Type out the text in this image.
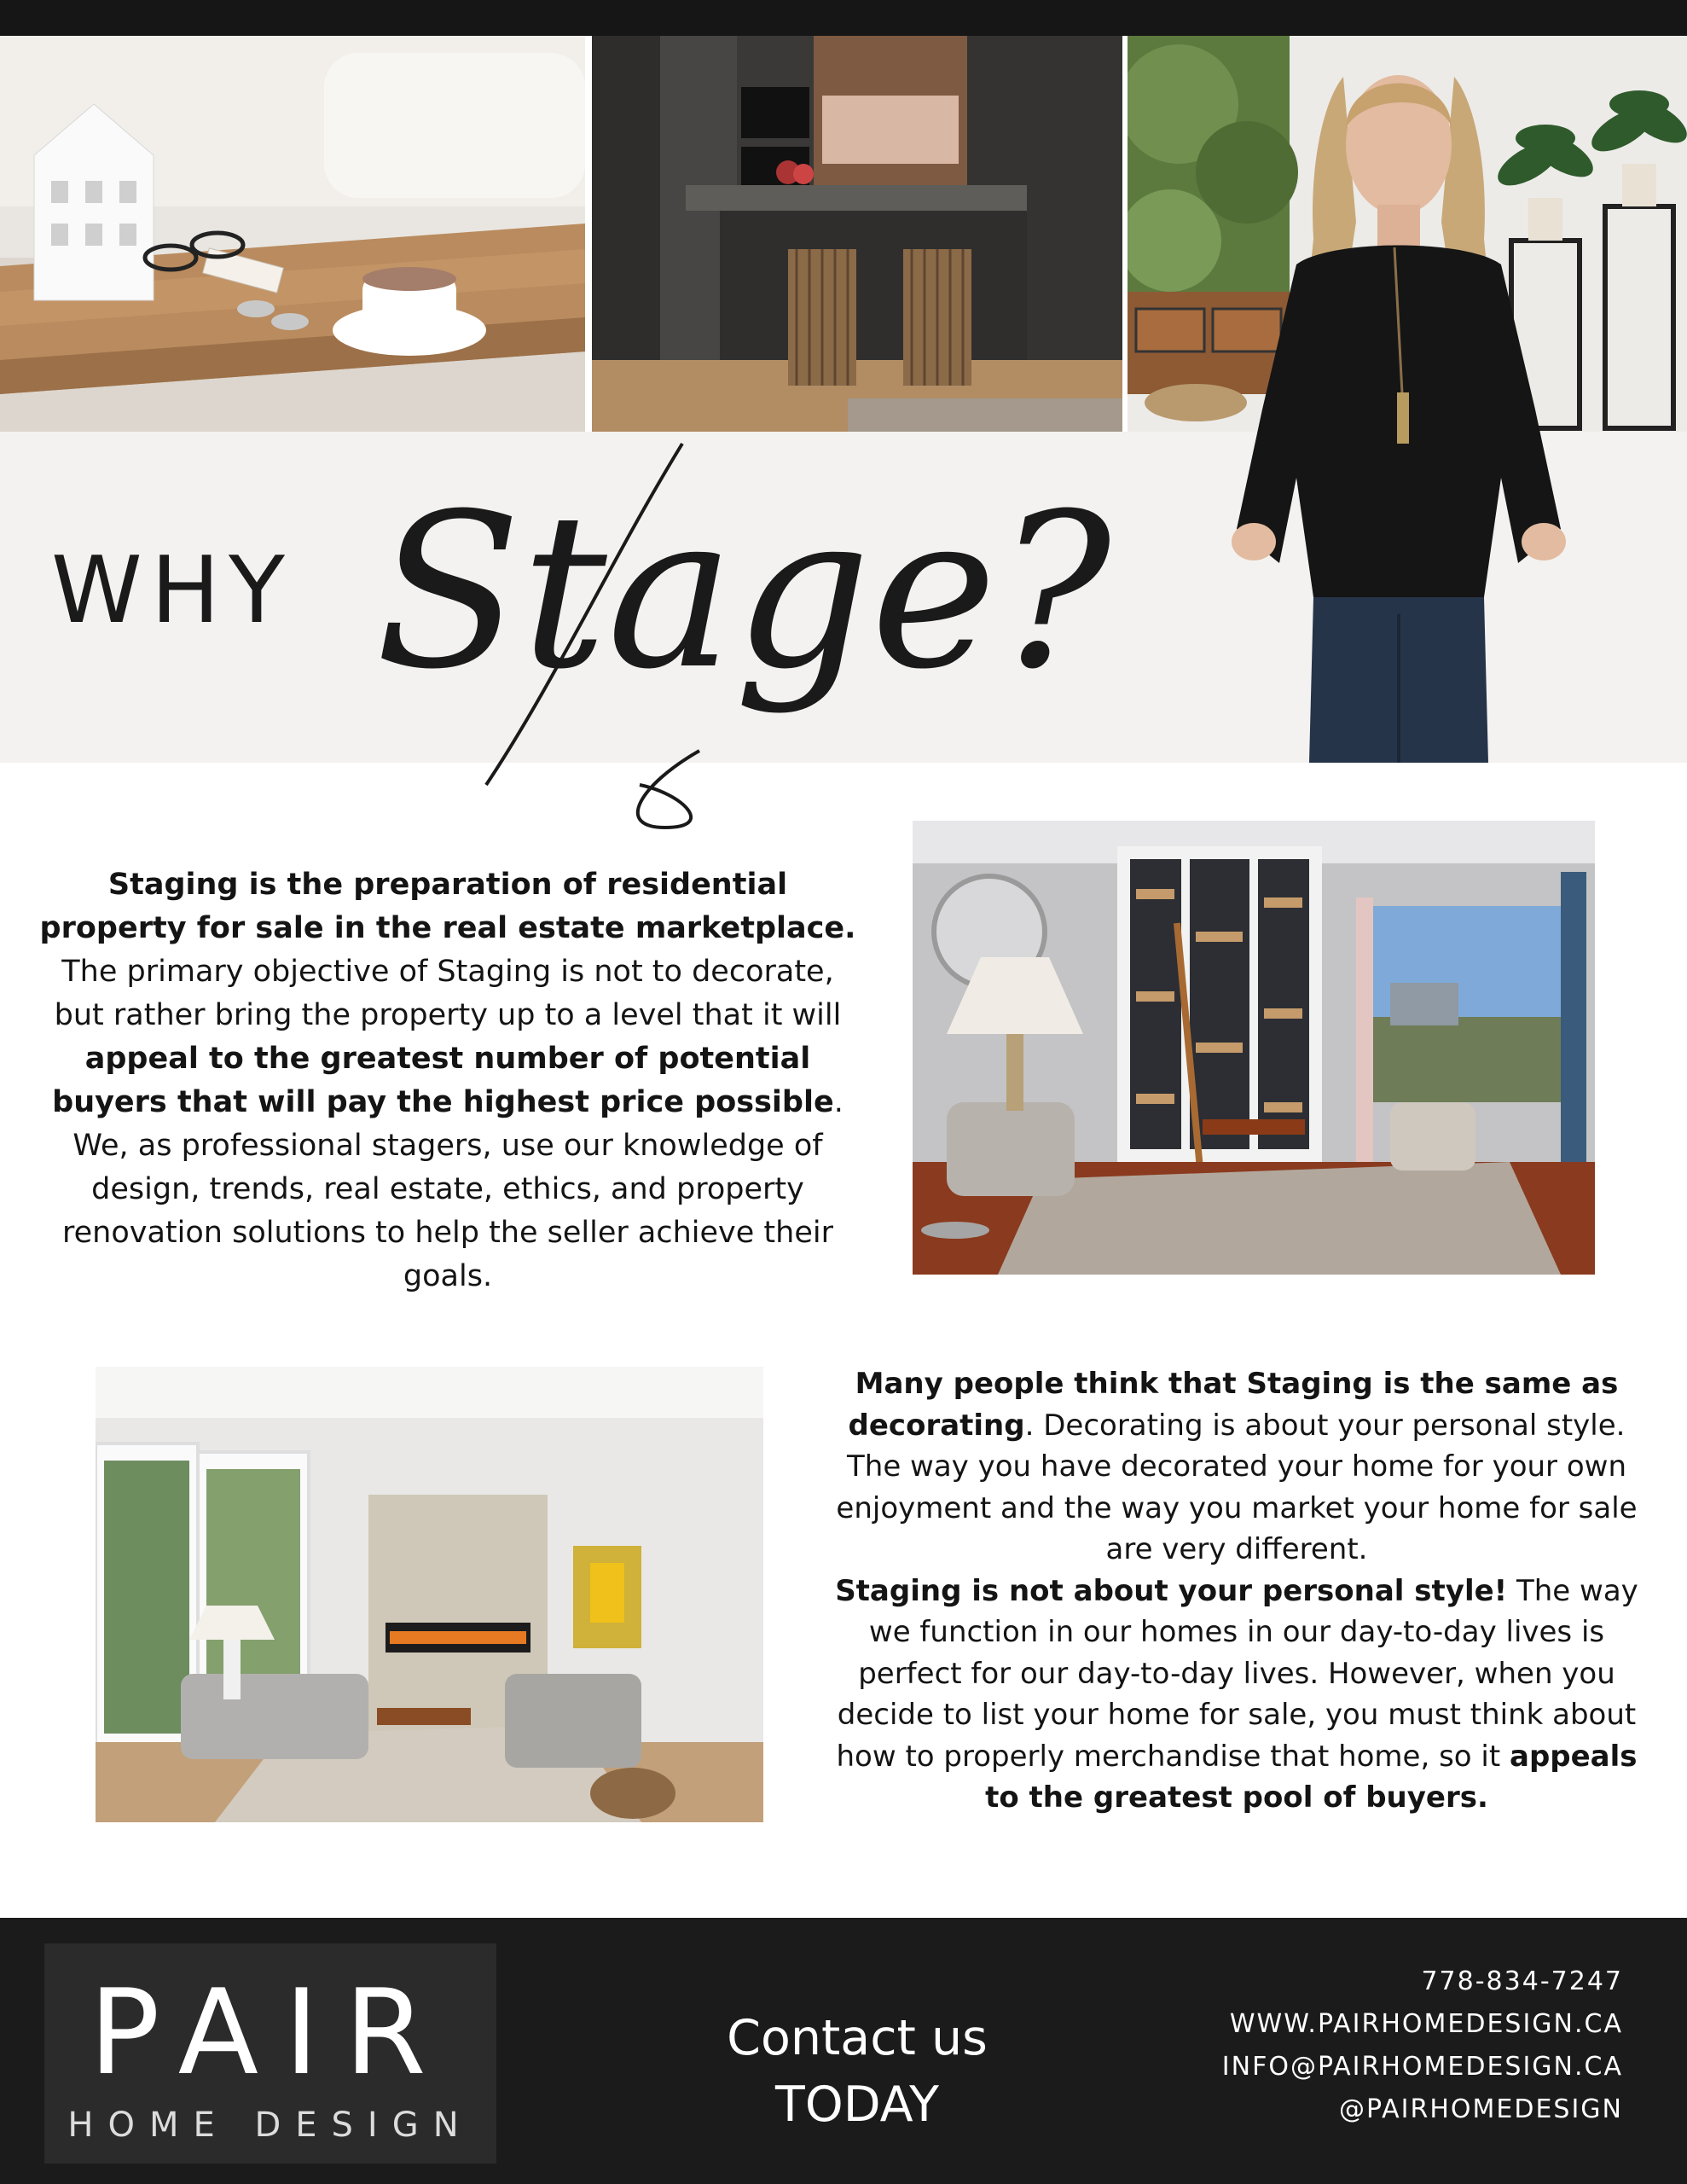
WHY Stage?
Staging is the preparation of residential property for sale in the real estate marketplace. The primary objective of Staging is not to decorate, but rather bring the property up to a level that it will appeal to the greatest number of potential buyers that will pay the highest price possible. We, as professional stagers, use our knowledge of design, trends, real estate, ethics, and property renovation solutions to help the seller achieve their goals.
Many people think that Staging is the same as decorating. Decorating is about your personal style. The way you have decorated your home for your own enjoyment and the way you market your home for sale are very different.
Staging is not about your personal style! The way we function in our homes in our day-to-day lives is perfect for our day-to-day lives. However, when you decide to list your home for sale, you must think about how to properly merchandise that home, so it appeals to the greatest pool of buyers.
PAIR
HOME DESIGN
Contact us
TODAY
778-834-7247
WWW.PAIRHOMEDESIGN.CA
INFO@PAIRHOMEDESIGN.CA
@PAIRHOMEDESIGN
